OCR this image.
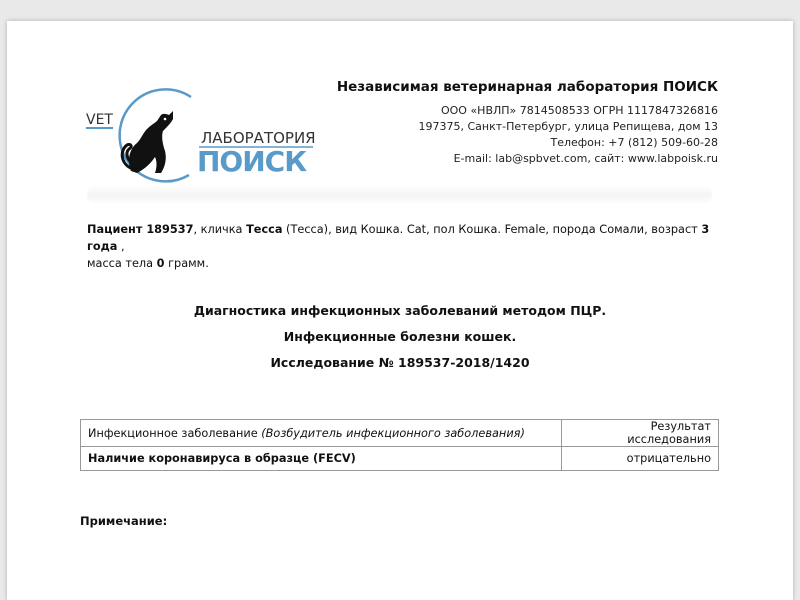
VET
ЛАБОРАТОРИЯ
ПОИСК
Независимая ветеринарная лаборатория ПОИСК
ООО «НВЛП» 7814508533 ОГРН 1117847326816
197375, Санкт-Петербург, улица Репищева, дом 13
Телефон: +7 (812) 509-60-28
E-mail: lab@spbvet.com, сайт: www.labpoisk.ru
Пациент 189537, кличка Тесса (Тесса), вид Кошка. Cat, пол Кошка. Female, порода Сомали, возраст 3 года ,
масса тела 0 грамм.
Диагностика инфекционных заболеваний методом ПЦР.
Инфекционные болезни кошек.
Исследование № 189537-2018/1420
Инфекционное заболевание (Возбудитель инфекционного заболевания)	Результат исследования
Наличие коронавируса в образце (FECV)	отрицательно
Примечание:
